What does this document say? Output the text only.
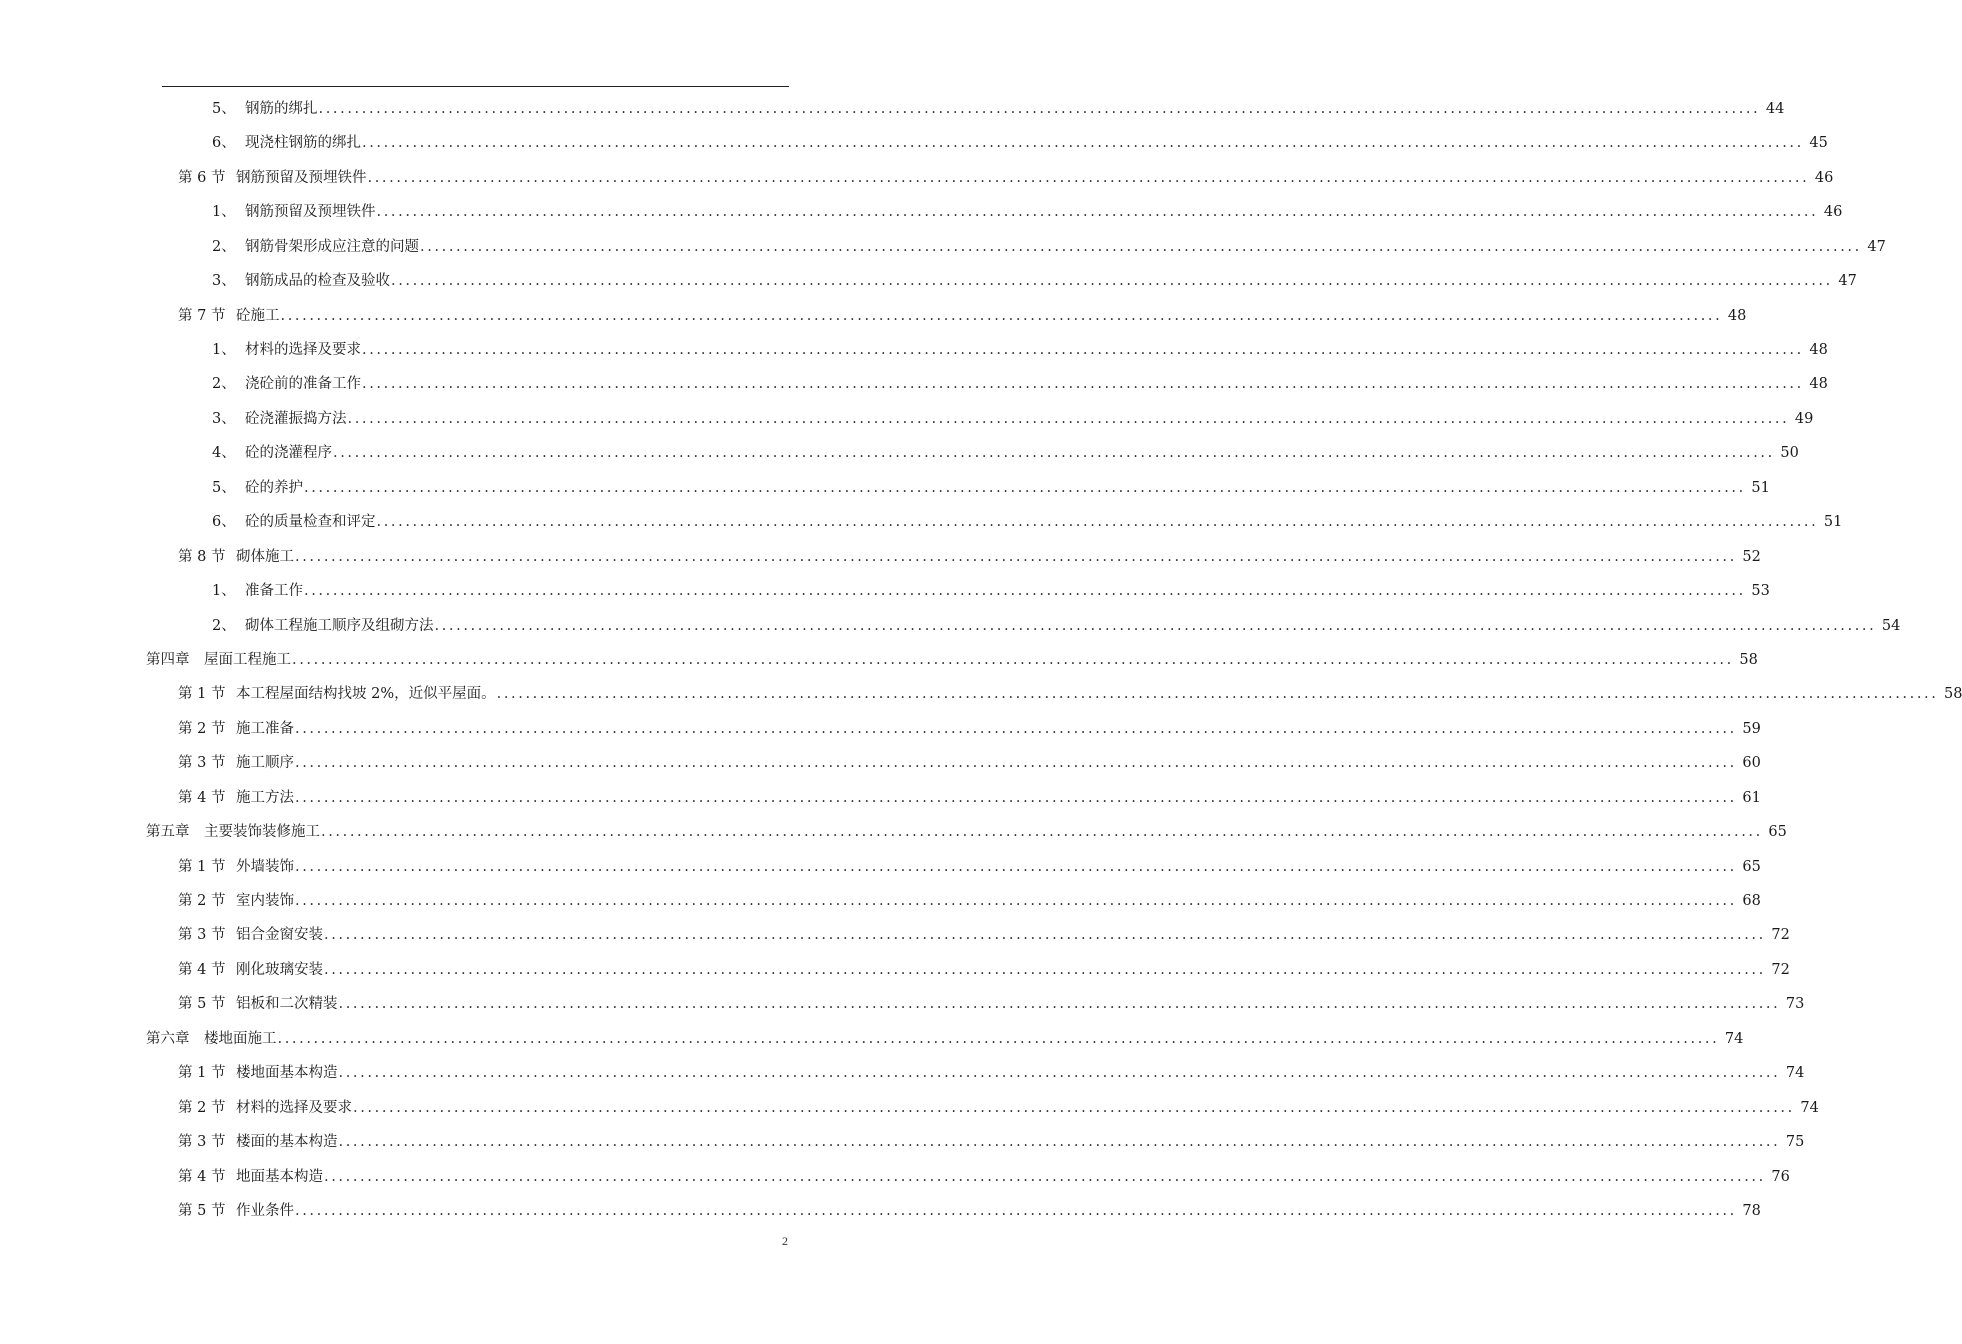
5、 钢筋的绑扎 ........................................................................................................................................................................................................ 44
6、 现浇柱钢筋的绑扎 ........................................................................................................................................................................................................ 45
第 6 节 钢筋预留及预埋铁件 ........................................................................................................................................................................................................ 46
1、 钢筋预留及预埋铁件 ........................................................................................................................................................................................................ 46
2、 钢筋骨架形成应注意的问题 ........................................................................................................................................................................................................ 47
3、 钢筋成品的检查及验收 ........................................................................................................................................................................................................ 47
第 7 节 砼施工 ........................................................................................................................................................................................................ 48
1、 材料的选择及要求 ........................................................................................................................................................................................................ 48
2、 浇砼前的准备工作 ........................................................................................................................................................................................................ 48
3、 砼浇灌振捣方法 ........................................................................................................................................................................................................ 49
4、 砼的浇灌程序 ........................................................................................................................................................................................................ 50
5、 砼的养护 ........................................................................................................................................................................................................ 51
6、 砼的质量检查和评定 ........................................................................................................................................................................................................ 51
第 8 节 砌体施工 ........................................................................................................................................................................................................ 52
1、 准备工作 ........................................................................................................................................................................................................ 53
2、 砌体工程施工顺序及组砌方法 ........................................................................................................................................................................................................ 54
第四章	屋面工程施工 ........................................................................................................................................................................................................ 58
第 1 节 本工程屋面结构找坡 2%，近似平屋面。 ........................................................................................................................................................................................................ 58
第 2 节 施工准备 ........................................................................................................................................................................................................ 59
第 3 节 施工顺序 ........................................................................................................................................................................................................ 60
第 4 节 施工方法 ........................................................................................................................................................................................................ 61
第五章	主要装饰装修施工 ........................................................................................................................................................................................................ 65
第 1 节 外墙装饰 ........................................................................................................................................................................................................ 65
第 2 节 室内装饰 ........................................................................................................................................................................................................ 68
第 3 节 铝合金窗安装 ........................................................................................................................................................................................................ 72
第 4 节 刚化玻璃安装 ........................................................................................................................................................................................................ 72
第 5 节 铝板和二次精装 ........................................................................................................................................................................................................ 73
第六章	楼地面施工 ........................................................................................................................................................................................................ 74
第 1 节 楼地面基本构造 ........................................................................................................................................................................................................ 74
第 2 节 材料的选择及要求 ........................................................................................................................................................................................................ 74
第 3 节 楼面的基本构造 ........................................................................................................................................................................................................ 75
第 4 节 地面基本构造 ........................................................................................................................................................................................................ 76
第 5 节 作业条件 ........................................................................................................................................................................................................ 78
2
